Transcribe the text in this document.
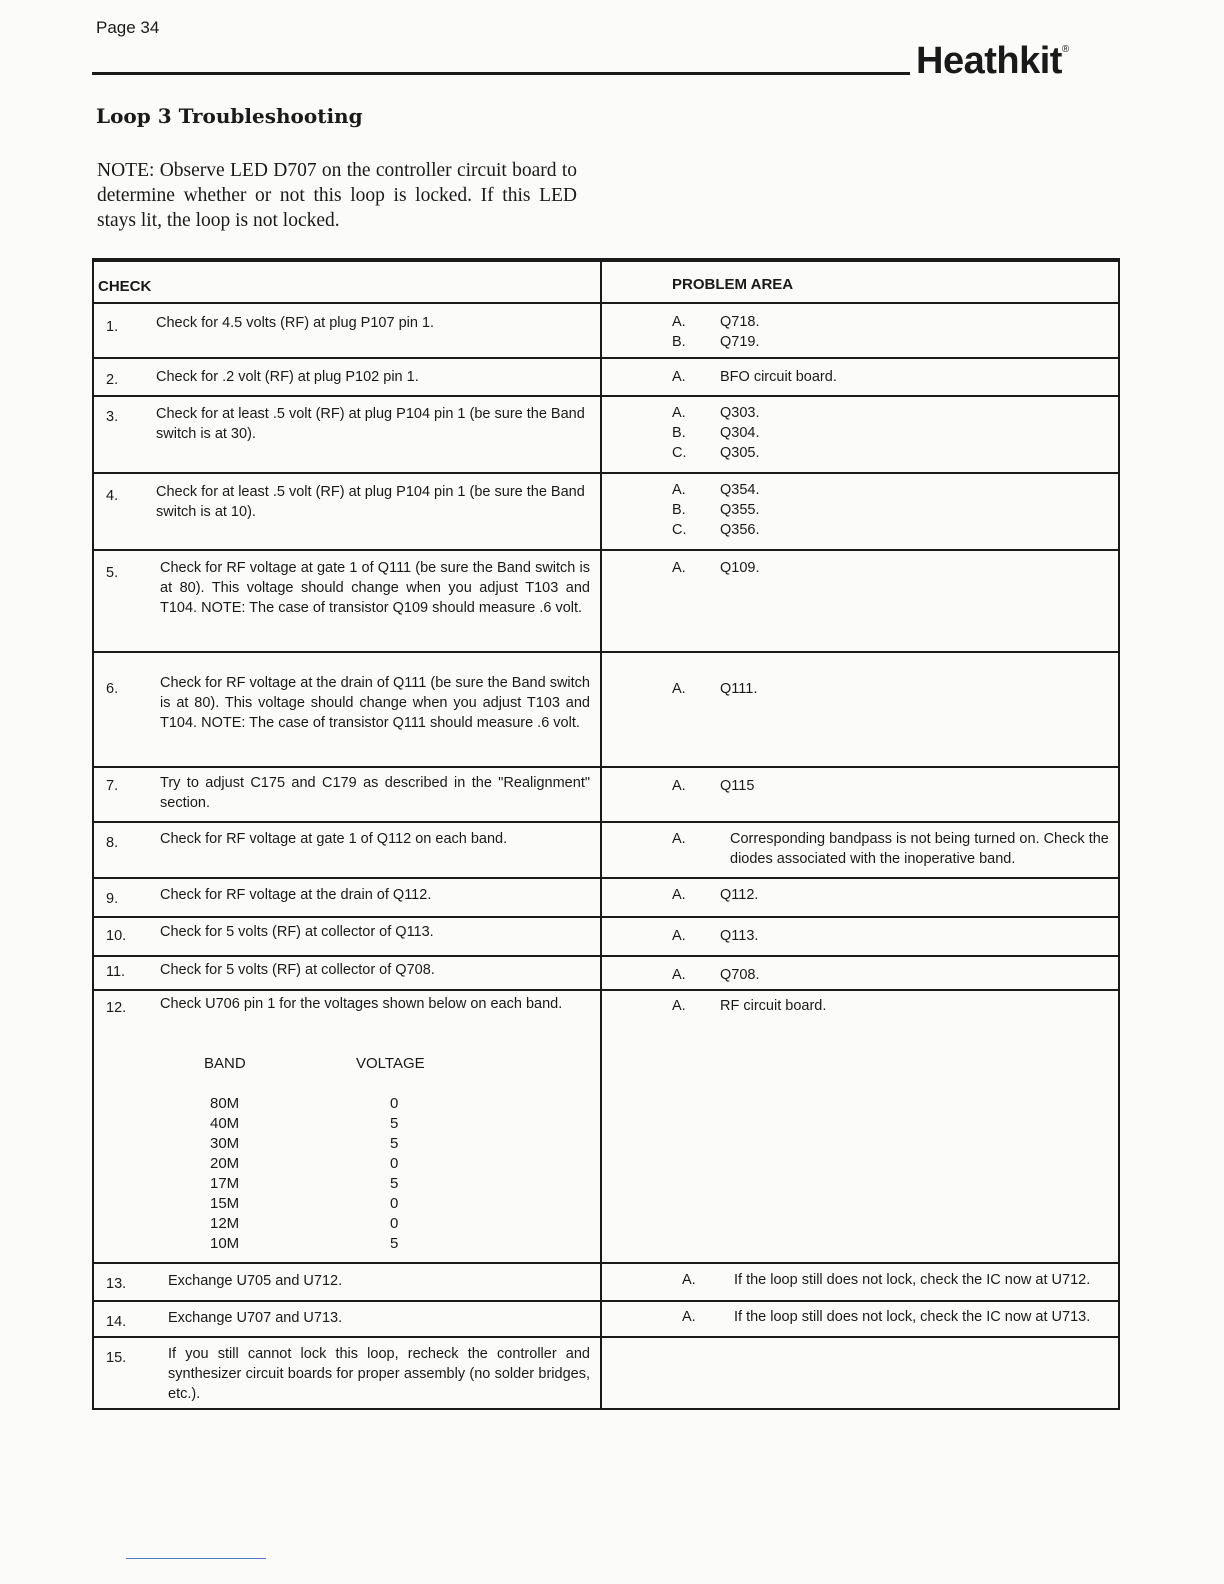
Page 34
Heathkit®
Loop 3 Troubleshooting
NOTE: Observe LED D707 on the controller circuit board to determine whether or not this loop is locked. If this LED stays lit, the loop is not locked.
CHECK	PROBLEM AREA
1.	Check for 4.5 volts (RF) at plug P107 pin 1.	A. Q718.
B. Q719.
2.	Check for .2 volt (RF) at plug P102 pin 1.	A. BFO circuit board.
3.	Check for at least .5 volt (RF) at plug P104 pin 1 (be sure the Band switch is at 30).
A. Q303.
B. Q304.
C. Q305.
4.	Check for at least .5 volt (RF) at plug P104 pin 1 (be sure the Band switch is at 10).
A. Q354.
B. Q355.
C. Q356.
5.	Check for RF voltage at gate 1 of Q111 (be sure the Band switch is at 80). This voltage should change when you adjust T103 and T104. NOTE: The case of transistor Q109 should measure .6 volt.
A. Q109.
6.	Check for RF voltage at the drain of Q111 (be sure the Band switch is at 80). This voltage should change when you adjust T103 and T104. NOTE: The case of transistor Q111 should measure .6 volt.
A. Q111.
7.	Try to adjust C175 and C179 as described in the "Realignment" section.
A. Q115
8.	Check for RF voltage at gate 1 of Q112 on each band.	A.	Corresponding bandpass is not being turned on. Check the diodes associated with the inoperative band.
9.	Check for RF voltage at the drain of Q112.	A. Q112.
10. Check for 5 volts (RF) at collector of Q113.	A. Q113.
11. Check for 5 volts (RF) at collector of Q708.	A. Q708.
12. Check U706 pin 1 for the voltages shown below on each band.	A. RF circuit board.
BAND	VOLTAGE
80M	0
40M	5
30M	5
20M	0
17M	5
15M	0
12M	0
10M	5
13.	Exchange U705 and U712.	A.	If the loop still does not lock, check the IC now at U712.
14.	Exchange U707 and U713.	A.	If the loop still does not lock, check the IC now at U713.
15.	If you still cannot lock this loop, recheck the controller and synthesizer circuit boards for proper assembly (no solder bridges, etc.).
